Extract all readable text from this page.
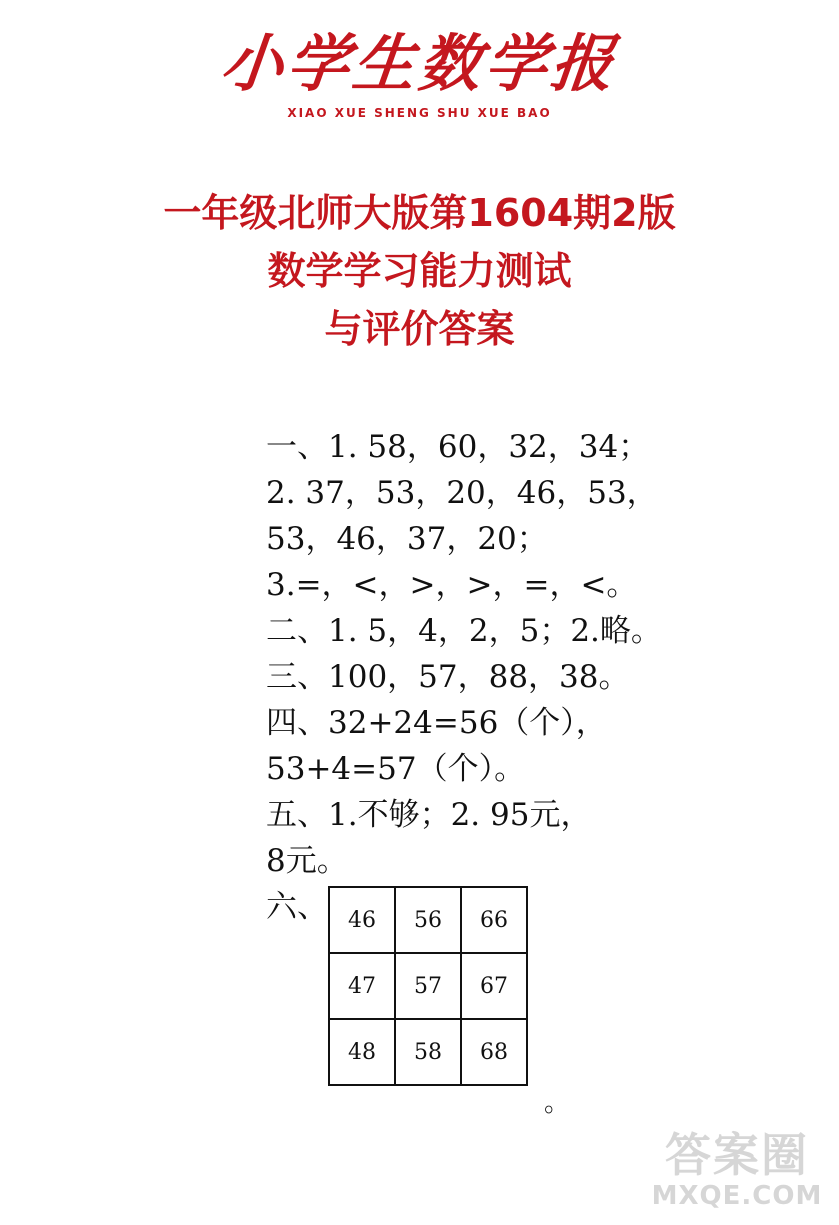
小学生数学报
XIAO XUE SHENG SHU XUE BAO
一年级北师大版第1604期2版
数学学习能力测试
与评价答案
一、1. 58，60，32，34；
2. 37，53，20，46，53，
53，46，37，20；
3.=，<，>，>，=，<。
二、1. 5，4，2，5；2.略。
三、100，57，88，38。
四、32+24=56（个），
53+4=57（个）。
五、1.不够；2. 95元，
8元。
六、 46	56	66
47	57	67
48	58	68
。
答案圈
MXQE.COM
